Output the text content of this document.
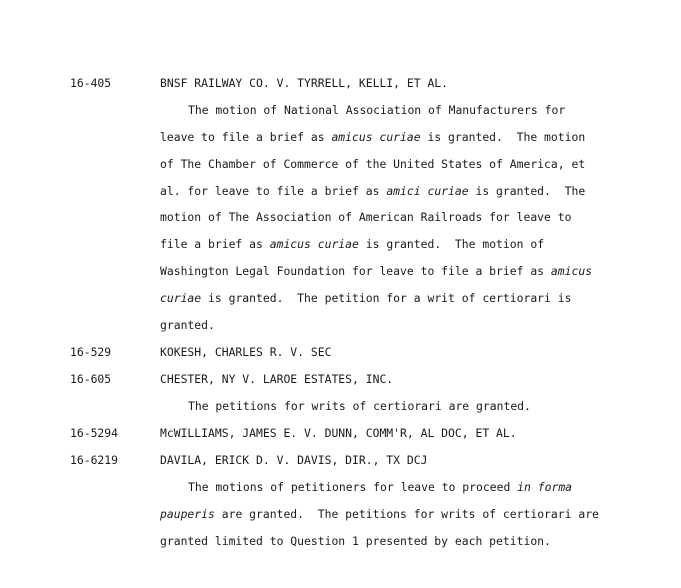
16-405	BNSF RAILWAY CO. V. TYRRELL, KELLI, ET AL.
The motion of National Association of Manufacturers for
leave to file a brief as amicus curiae is granted.  The motion
of The Chamber of Commerce of the United States of America, et
al. for leave to file a brief as amici curiae is granted.  The
motion of The Association of American Railroads for leave to
file a brief as amicus curiae is granted.  The motion of
Washington Legal Foundation for leave to file a brief as amicus
curiae is granted.  The petition for a writ of certiorari is
granted.
16-529	KOKESH, CHARLES R. V. SEC
16-605	CHESTER, NY V. LAROE ESTATES, INC.
The petitions for writs of certiorari are granted.
16-5294	McWILLIAMS, JAMES E. V. DUNN, COMM'R, AL DOC, ET AL.
16-6219	DAVILA, ERICK D. V. DAVIS, DIR., TX DCJ
The motions of petitioners for leave to proceed in forma
pauperis are granted.  The petitions for writs of certiorari are
granted limited to Question 1 presented by each petition.
